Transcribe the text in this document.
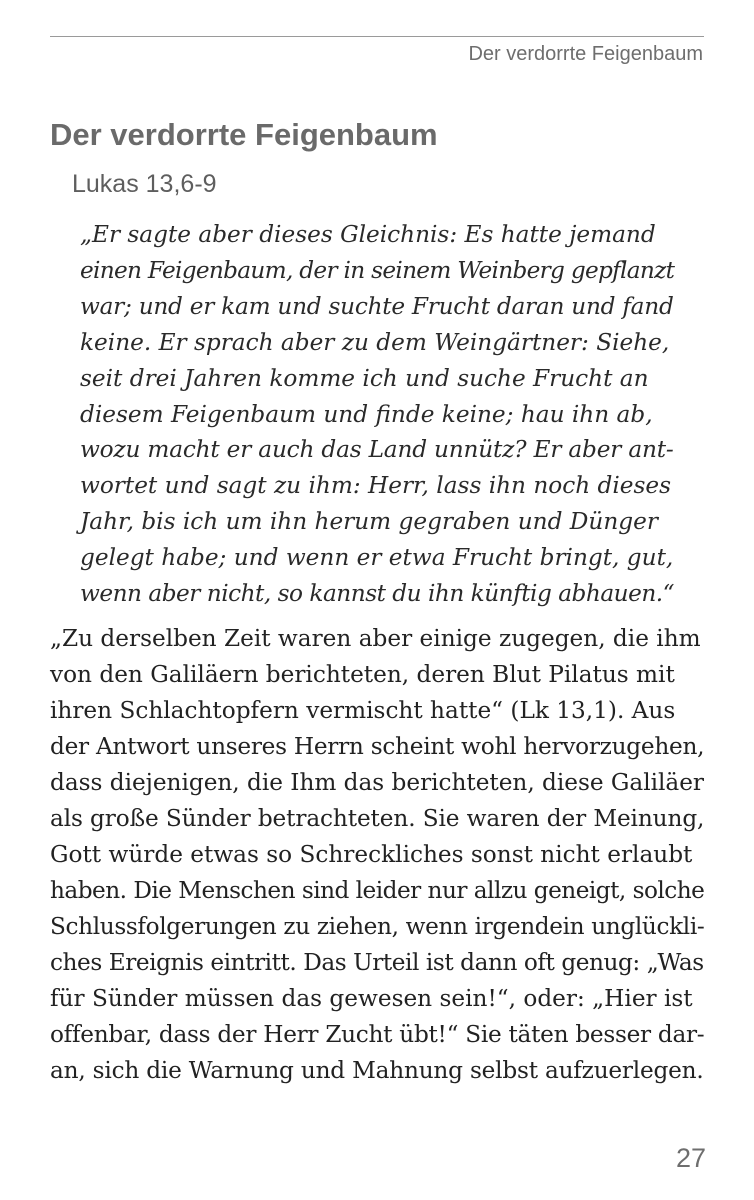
Der verdorrte Feigenbaum
Der verdorrte Feigenbaum
Lukas 13,6-9
„Er sagte aber dieses Gleichnis: Es hatte jemand
einen Feigenbaum, der in seinem Weinberg gepflanzt
war; und er kam und suchte Frucht daran und fand
keine. Er sprach aber zu dem Weingärtner: Siehe,
seit drei Jahren komme ich und suche Frucht an
diesem Feigenbaum und finde keine; hau ihn ab,
wozu macht er auch das Land unnütz? Er aber ant-
wortet und sagt zu ihm: Herr, lass ihn noch dieses
Jahr, bis ich um ihn herum gegraben und Dünger
gelegt habe; und wenn er etwa Frucht bringt, gut,
wenn aber nicht, so kannst du ihn künftig abhauen.“
„Zu derselben Zeit waren aber einige zugegen, die ihm
von den Galiläern berichteten, deren Blut Pilatus mit
ihren Schlachtopfern vermischt hatte“ (Lk 13,1). Aus
der Antwort unseres Herrn scheint wohl hervorzugehen,
dass diejenigen, die Ihm das berichteten, diese Galiläer
als große Sünder betrachteten. Sie waren der Meinung,
Gott würde etwas so Schreckliches sonst nicht erlaubt
haben. Die Menschen sind leider nur allzu geneigt, solche
Schlussfolgerungen zu ziehen, wenn irgendein unglückli-
ches Ereignis eintritt. Das Urteil ist dann oft genug: „Was
für Sünder müssen das gewesen sein!“, oder: „Hier ist
offenbar, dass der Herr Zucht übt!“ Sie täten besser dar-
an, sich die Warnung und Mahnung selbst aufzuerlegen.
27
